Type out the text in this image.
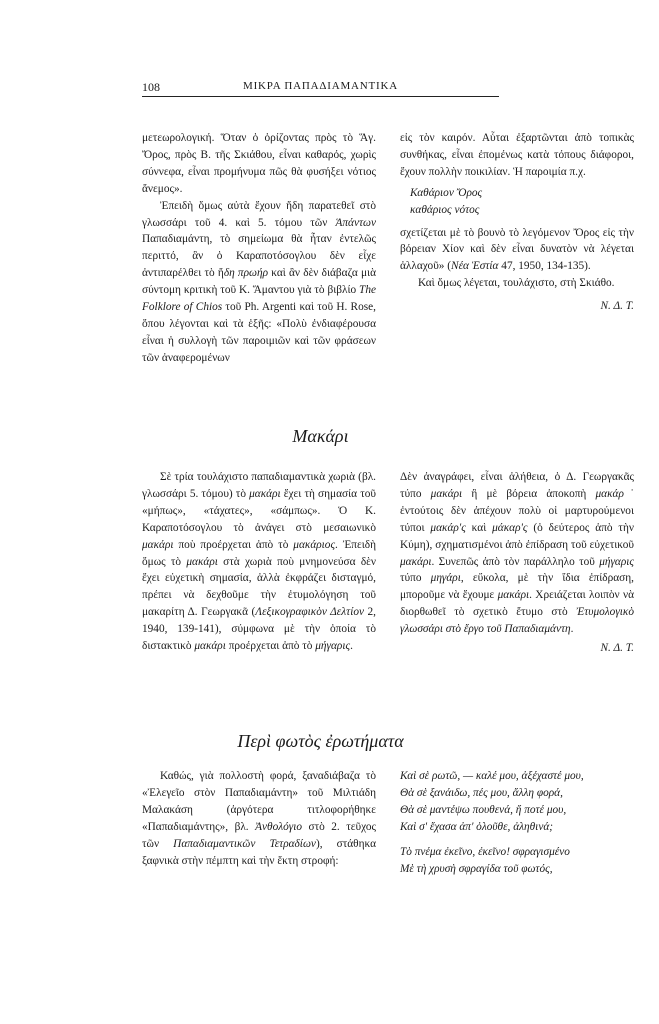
108	ΜΙΚΡΑ ΠΑΠΑΔΙΑΜΑΝΤΙΚΑ

μετεωρολογική. Ὅταν ὁ ὁρίζοντας πρὸς τὸ Ἅγ. Ὄρος, πρὸς Β. τῆς Σκιάθου, εἶναι καθαρός, χωρὶς σύννεφα, εἶναι προμήνυμα πῶς θὰ φυσήξει νότιος ἄνεμος».

Ἐπειδὴ ὅμως αὐτὰ ἔχουν ἤδη παρατεθεῖ στὸ γλωσσάρι τοῦ 4. καὶ 5. τόμου τῶν Ἁπάντων Παπαδιαμάντη, τὸ σημείωμα θὰ ἦταν ἐντελῶς περιττό, ἂν ὁ Καραποτόσογλου δὲν εἶχε ἀντιπαρέλθει τὸ ἤδη πρωήρ καὶ ἂν δὲν διάβαζα μιὰ σύντομη κριτικὴ τοῦ Κ. Ἅμαντου γιὰ τὸ βιβλίο The Folklore of Chios τοῦ Ph. Argenti καὶ τοῦ H. Rose, ὅπου λέγονται καὶ τὰ ἑξῆς: «Πολὺ ἐνδιαφέρουσα εἶναι ἡ συλλογὴ τῶν παροιμιῶν καὶ τῶν φράσεων τῶν ἀναφερομένων

εἰς τὸν καιρόν. Αὗται ἐξαρτῶνται ἀπὸ τοπικὰς συνθήκας, εἶναι ἐπομένως κατὰ τόπους διάφοροι, ἔχουν πολλὴν ποικιλίαν. Ἡ παροιμία π.χ.

Καθάριον Ὄρος
καθάριος νότος

σχετίζεται μὲ τὸ βουνὸ τὸ λεγόμενον Ὄρος εἰς τὴν βόρειαν Χίον καὶ δὲν εἶναι δυνατὸν νὰ λέγεται ἀλλαχοῦ» (Νέα Ἑστία 47, 1950, 134-135).

Καὶ ὅμως λέγεται, τουλάχιστο, στὴ Σκιάθο.

Ν. Δ. Τ.

Μακάρι

Σὲ τρία τουλάχιστο παπαδιαμαντικὰ χωριὰ (βλ. γλωσσάρι 5. τόμου) τὸ μακάρι ἔχει τὴ σημασία τοῦ «μήπως», «τάχατες», «σάμπως». Ὁ Κ. Καραποτόσογλου τὸ ἀνάγει στὸ μεσαιωνικὸ μακάρι ποὺ προέρχεται ἀπὸ τὸ μακάριος. Ἐπειδὴ ὅμως τὸ μακάρι στὰ χωριὰ ποὺ μνημονεύσα δὲν ἔχει εὐχετικὴ σημασία, ἀλλὰ ἐκφράζει δισταγμό, πρέπει νὰ δεχθοῦμε τὴν ἐτυμολόγηση τοῦ μακαρίτη Δ. Γεωργακᾶ (Λεξικογραφικὸν Δελτίον 2, 1940, 139-141), σύμφωνα μὲ τὴν ὁποία τὸ διστακτικὸ μακάρι προέρχεται ἀπὸ τὸ μήγαρις.

Δὲν ἀναγράφει, εἶναι ἀλήθεια, ὁ Δ. Γεωργακᾶς τύπο μακάρι ἢ μὲ βόρεια ἀποκοπὴ μακάρ˙ ἐντούτοις δὲν ἀπέχουν πολὺ οἱ μαρτυρούμενοι τύποι μακάρ'ς καὶ μάκαρ'ς (ὁ δεύτερος ἀπὸ τὴν Κύμη), σχηματισμένοι ἀπὸ ἐπίδραση τοῦ εὐχετικοῦ μακάρι. Συνεπῶς ἀπὸ τὸν παράλληλο τοῦ μήγαρις τύπο μηγάρι, εὔκολα, μὲ τὴν ἴδια ἐπίδραση, μποροῦμε νὰ ἔχουμε μακάρι. Χρειάζεται λοιπὸν νὰ διορθωθεῖ τὸ σχετικὸ ἔτυμο στὸ Ἐτυμολογικὸ γλωσσάρι στὸ ἔργο τοῦ Παπαδιαμάντη.

Ν. Δ. Τ.

Περὶ φωτὸς ἐρωτήματα

Καθώς, γιὰ πολλοστὴ φορά, ξαναδιάβαζα τὸ «Ἐλεγεῖο στὸν Παπαδιαμάντη» τοῦ Μιλτιάδη Μαλακάση (ἀργότερα τιτλοφορήθηκε «Παπαδιαμάντης», βλ. Ἀνθολόγιο στὸ 2. τεῦχος τῶν Παπαδιαμαντικῶν Τετραδίων), στάθηκα ξαφνικὰ στὴν πέμπτη καὶ τὴν ἕκτη στροφή:

Καὶ σὲ ρωτῶ, — καλέ μου, ἀξέχαστέ μου,
Θὰ σὲ ξανάιδω, πές μου, ἄλλη φορά,
Θὰ σὲ μαντέψω πουθενά, ἤ ποτέ μου,
Καὶ σ' ἔχασα ἀπ' ὁλοῦθε, ἀληθινά;
Τὸ πνέμα ἐκεῖνο, ἐκεῖνο! σφραγισμένο
Μὲ τὴ χρυσὴ σφραγίδα τοῦ φωτός,
